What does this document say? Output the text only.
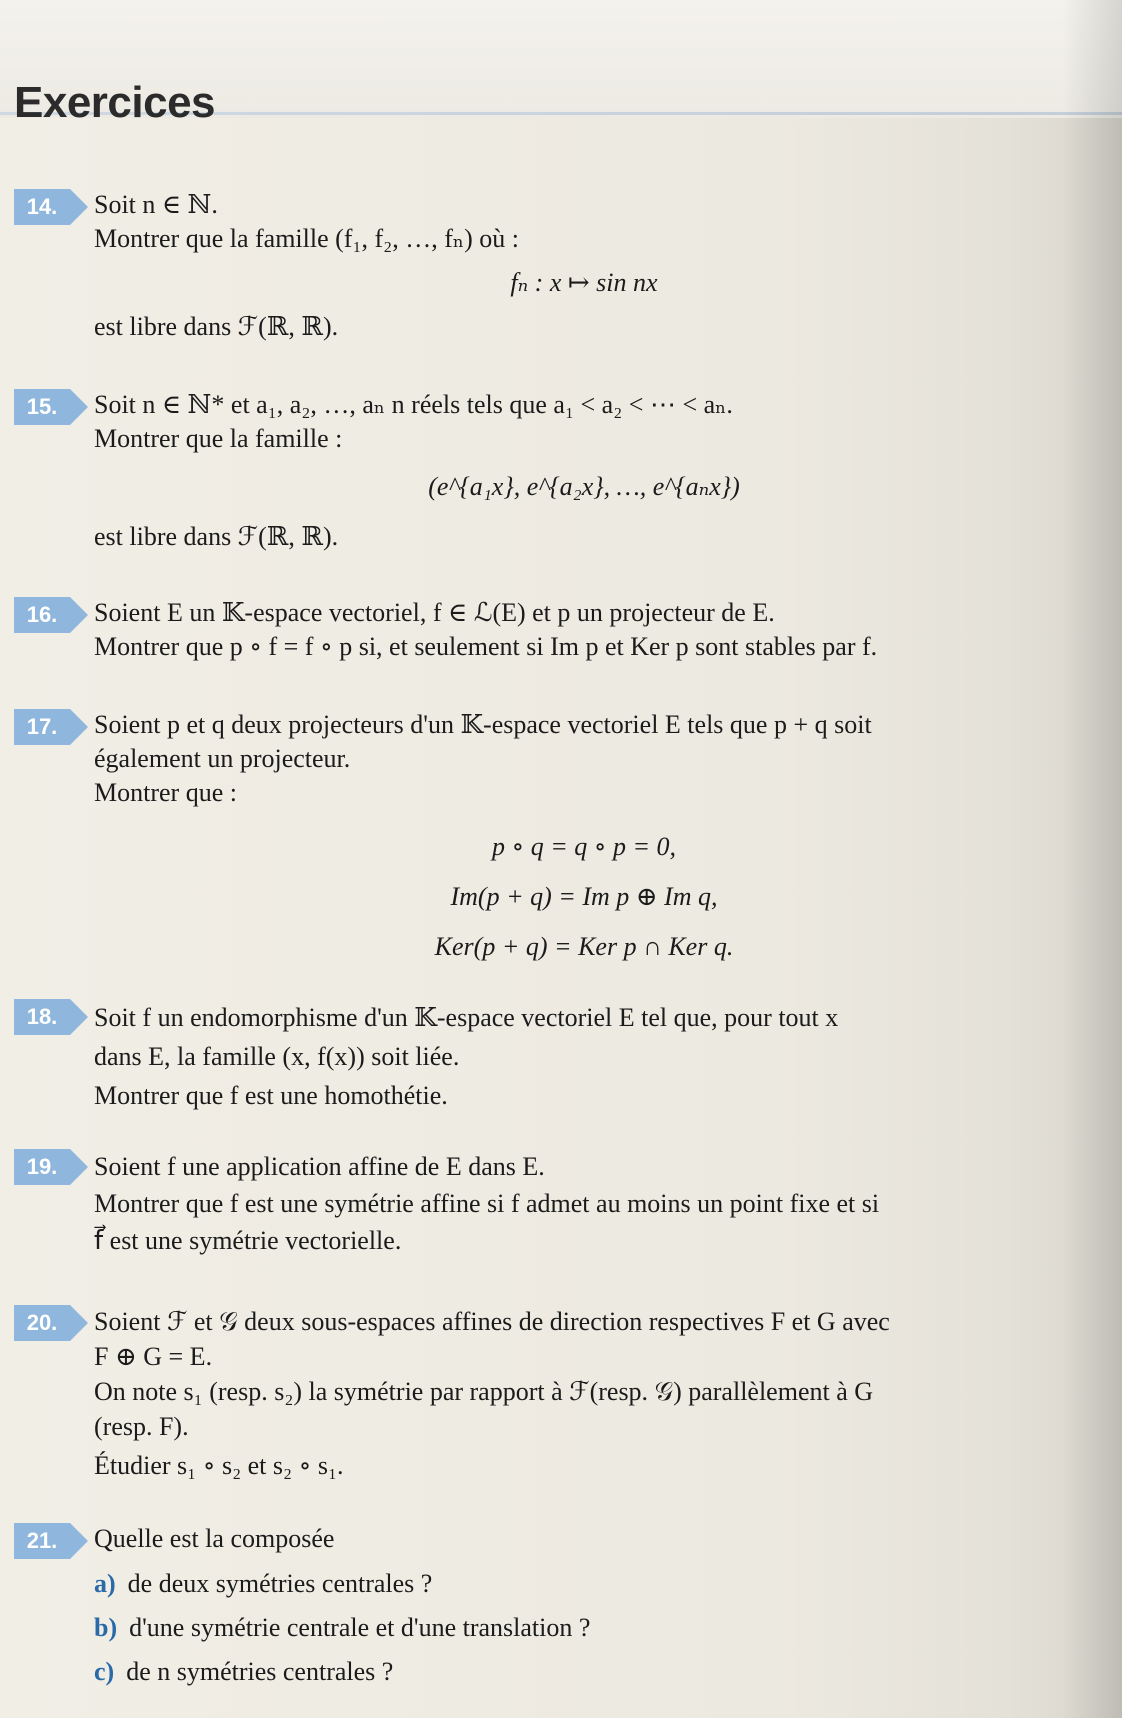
Exercices
14.	Soit n ∈ ℕ.
Montrer que la famille (f₁, f₂, …, fₙ) où :
fₙ : x ↦ sin nx
est libre dans ℱ(ℝ, ℝ).
15.	Soit n ∈ ℕ* et a₁, a₂, …, aₙ n réels tels que a₁ < a₂ < ⋯ < aₙ.
Montrer que la famille :
(e^{a₁x}, e^{a₂x}, …, e^{aₙx})
est libre dans ℱ(ℝ, ℝ).
16.	Soient E un 𝕂-espace vectoriel, f ∈ ℒ(E) et p un projecteur de E.
Montrer que p ∘ f = f ∘ p si, et seulement si Im p et Ker p sont stables par f.
17.	Soient p et q deux projecteurs d'un 𝕂-espace vectoriel E tels que p + q soit
également un projecteur.
Montrer que :
p ∘ q = q ∘ p = 0,
Im(p + q) = Im p ⊕ Im q,
Ker(p + q) = Ker p ∩ Ker q.
18.	Soit f un endomorphisme d'un 𝕂-espace vectoriel E tel que, pour tout x
dans E, la famille (x, f(x)) soit liée.
Montrer que f est une homothétie.
19.	Soient f une application affine de E dans E.
Montrer que f est une symétrie affine si f admet au moins un point fixe et si
f⃗ est une symétrie vectorielle.
20.	Soient ℱ et 𝒢 deux sous-espaces affines de direction respectives F et G avec
F ⊕ G = E.
On note s₁ (resp. s₂) la symétrie par rapport à ℱ(resp. 𝒢) parallèlement à G
(resp. F).
Étudier s₁ ∘ s₂ et s₂ ∘ s₁.
21.	Quelle est la composée
a) de deux symétries centrales ?
b) d'une symétrie centrale et d'une translation ?
c) de n symétries centrales ?
